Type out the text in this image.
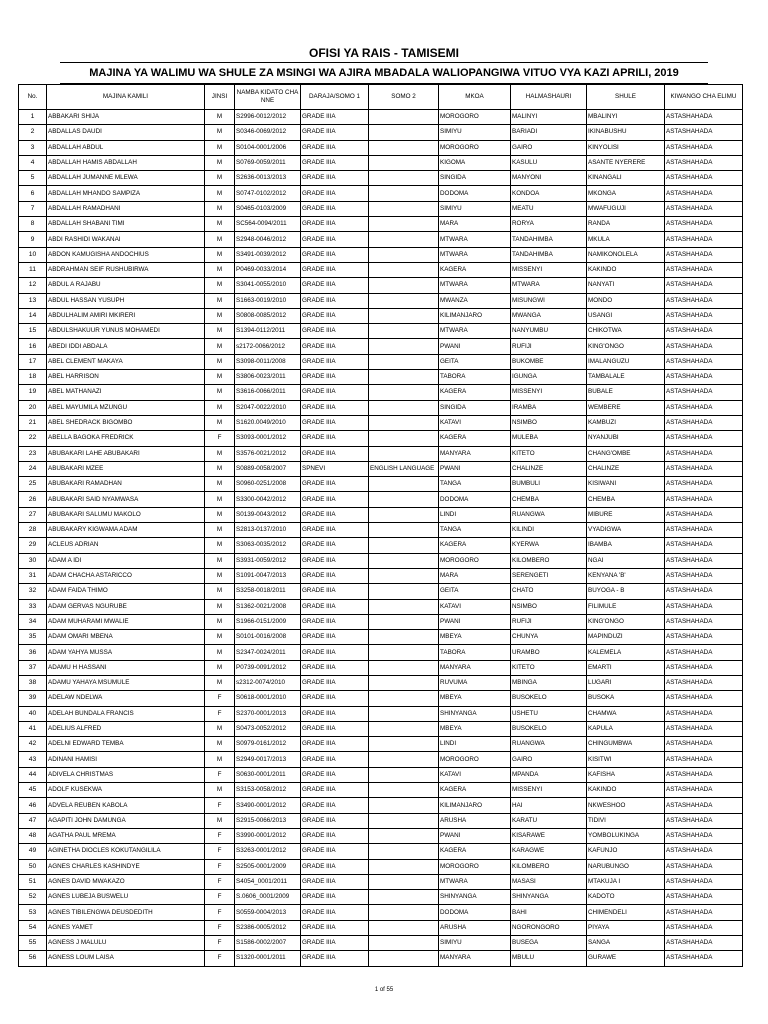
OFISI YA RAIS - TAMISEMI
MAJINA YA WALIMU WA SHULE ZA MSINGI WA AJIRA MBADALA WALIOPANGIWA VITUO VYA KAZI APRILI, 2019
No.	MAJINA KAMILI	JINSI	NAMBA KIDATO CHA NNE	DARAJA/SOMO 1	SOMO 2	MKOA	HALMASHAURI	SHULE	KIWANGO CHA ELIMU
1	ABBAKARI SHIJA	M	S2996-0012/2012	GRADE IIIA		MOROGORO	MALINYI	MBALINYI	ASTASHAHADA
2	ABDALLAS DAUDI	M	S0346-0069/2012	GRADE IIIA		SIMIYU	BARIADI	IKINABUSHU	ASTASHAHADA
3	ABDALLAH ABDUL	M	S0104-0001/2006	GRADE IIIA		MOROGORO	GAIRO	KINYOLISI	ASTASHAHADA
4	ABDALLAH HAMIS ABDALLAH	M	S0769-0059/2011	GRADE IIIA		KIGOMA	KASULU	ASANTE NYERERE	ASTASHAHADA
5	ABDALLAH JUMANNE MLEWA	M	S2636-0013/2013	GRADE IIIA		SINGIDA	MANYONI	KINANGALI	ASTASHAHADA
6	ABDALLAH MHANDO SAMPIZA	M	S0747-0102/2012	GRADE IIIA		DODOMA	KONDOA	MKONGA	ASTASHAHADA
7	ABDALLAH RAMADHANI	M	S0465-0103/2009	GRADE IIIA		SIMIYU	MEATU	MWAFUGUJI	ASTASHAHADA
8	ABDALLAH SHABANI TIMI	M	SC564-0094/2011	GRADE IIIA		MARA	RORYA	RANDA	ASTASHAHADA
9	ABDI RASHIDI WAKANAI	M	S2948-0046/2012	GRADE IIIA		MTWARA	TANDAHIMBA	MKULA	ASTASHAHADA
10	ABDON KAMUGISHA ANDOCHIUS	M	S3491-0039/2012	GRADE IIIA		MTWARA	TANDAHIMBA	NAMIKONOLELA	ASTASHAHADA
11	ABDRAHMAN SEIF RUSHUBIRWA	M	P0469-0033/2014	GRADE IIIA		KAGERA	MISSENYI	KAKINDO	ASTASHAHADA
12	ABDUL A RAJABU	M	S3041-0055/2010	GRADE IIIA		MTWARA	MTWARA	NANYATI	ASTASHAHADA
13	ABDUL HASSAN YUSUPH	M	S1663-0019/2010	GRADE IIIA		MWANZA	MISUNGWI	MONDO	ASTASHAHADA
14	ABDULHALIM AMIRI MKIRERI	M	S0808-0085/2012	GRADE IIIA		KILIMANJARO	MWANGA	USANGI	ASTASHAHADA
15	ABDULSHAKUUR YUNUS MOHAMEDI	M	S1394-0112/2011	GRADE IIIA		MTWARA	NANYUMBU	CHIKOTWA	ASTASHAHADA
16	ABEDI IDDI ABDALA	M	s2172-0066/2012	GRADE IIIA		PWANI	RUFIJI	KING'ONGO	ASTASHAHADA
17	ABEL CLEMENT MAKAYA	M	S3098-0011/2008	GRADE IIIA		GEITA	BUKOMBE	IMALANGUZU	ASTASHAHADA
18	ABEL HARRISON	M	S3806-0023/2011	GRADE IIIA		TABORA	IGUNGA	TAMBALALE	ASTASHAHADA
19	ABEL MATHANAZI	M	S3616-0066/2011	GRADE IIIA		KAGERA	MISSENYI	BUBALE	ASTASHAHADA
20	ABEL MAYUMILA MZUNGU	M	S2047-0022/2010	GRADE IIIA		SINGIDA	IRAMBA	WEMBERE	ASTASHAHADA
21	ABEL SHEDRACK BIGOMBO	M	S1620.0049/2010	GRADE IIIA		KATAVI	NSIMBO	KAMBUZI	ASTASHAHADA
22	ABELLA BAGOKA FREDRICK	F	S3093-0001/2012	GRADE IIIA		KAGERA	MULEBA	NYANJUBI	ASTASHAHADA
23	ABUBAKARI LAHE ABUBAKARI	M	S3576-0021/2012	GRADE IIIA		MANYARA	KITETO	CHANG'OMBE	ASTASHAHADA
24	ABUBAKARI MZEE	M	S0889-0058/2007	SPNEVI	ENGLISH LANGUAGE	PWANI	CHALINZE	CHALINZE	ASTASHAHADA
25	ABUBAKARI RAMADHAN	M	S0960-0251/2008	GRADE IIIA		TANGA	BUMBULI	KISIWANI	ASTASHAHADA
26	ABUBAKARI SAID NYAMWASA	M	S3300-0042/2012	GRADE IIIA		DODOMA	CHEMBA	CHEMBA	ASTASHAHADA
27	ABUBAKARI SALUMU MAKOLO	M	S0139-0043/2012	GRADE IIIA		LINDI	RUANGWA	MIBURE	ASTASHAHADA
28	ABUBAKARY KIGWAMA ADAM	M	S2813-0137/2010	GRADE IIIA		TANGA	KILINDI	VYADIGWA	ASTASHAHADA
29	ACLEUS ADRIAN	M	S3063-0035/2012	GRADE IIIA		KAGERA	KYERWA	IBAMBA	ASTASHAHADA
30	ADAM A IDI	M	S3931-0059/2012	GRADE IIIA		MOROGORO	KILOMBERO	NGAI	ASTASHAHADA
31	ADAM CHACHA ASTARICCO	M	S1091-0047/2013	GRADE IIIA		MARA	SERENGETI	KENYANA 'B'	ASTASHAHADA
32	ADAM FAIDA THIMO	M	S3258-0018/2011	GRADE IIIA		GEITA	CHATO	BUYOGA - B	ASTASHAHADA
33	ADAM GERVAS NGURUBE	M	S1362-0021/2008	GRADE IIIA		KATAVI	NSIMBO	FILIMULE	ASTASHAHADA
34	ADAM MUHARAMI MWALIE	M	S1966-0151/2009	GRADE IIIA		PWANI	RUFIJI	KING'ONGO	ASTASHAHADA
35	ADAM OMARI MBENA	M	S0101-0016/2008	GRADE IIIA		MBEYA	CHUNYA	MAPINDUZI	ASTASHAHADA
36	ADAM YAHYA MUSSA	M	S2347-0024/2011	GRADE IIIA		TABORA	URAMBO	KALEMELA	ASTASHAHADA
37	ADAMU H HASSANI	M	P0739-0091/2012	GRADE IIIA		MANYARA	KITETO	EMARTI	ASTASHAHADA
38	ADAMU YAHAYA MSUMULE	M	s2312-0074/2010	GRADE IIIA		RUVUMA	MBINGA	LUGARI	ASTASHAHADA
39	ADELAW NDELWA	F	S0618-0001/2010	GRADE IIIA		MBEYA	BUSOKELO	BUSOKA	ASTASHAHADA
40	ADELAH BUNDALA FRANCIS	F	S2370-0001/2013	GRADE IIIA		SHINYANGA	USHETU	CHAMWA	ASTASHAHADA
41	ADELIUS ALFRED	M	S0473-0052/2012	GRADE IIIA		MBEYA	BUSOKELO	KAPULA	ASTASHAHADA
42	ADELNI EDWARD TEMBA	M	S0979-0161/2012	GRADE IIIA		LINDI	RUANGWA	CHINGUMBWA	ASTASHAHADA
43	ADINANI HAMISI	M	S2949-0017/2013	GRADE IIIA		MOROGORO	GAIRO	KISITWI	ASTASHAHADA
44	ADIVELA CHRISTMAS	F	S0630-0001/2011	GRADE IIIA		KATAVI	MPANDA	KAFISHA	ASTASHAHADA
45	ADOLF KUSEKWA	M	S3153-0058/2012	GRADE IIIA		KAGERA	MISSENYI	KAKINDO	ASTASHAHADA
46	ADVELA REUBEN KABOLA	F	S3490-0001/2012	GRADE IIIA		KILIMANJARO	HAI	NKWESHOO	ASTASHAHADA
47	AGAPITI JOHN DAMUNGA	M	S2915-0066/2013	GRADE IIIA		ARUSHA	KARATU	TIDIVI	ASTASHAHADA
48	AGATHA PAUL MREMA	F	S3990-0001/2012	GRADE IIIA		PWANI	KISARAWE	YOMBOLUKINGA	ASTASHAHADA
49	AGINETHA DIOCLES KOKUTANGILILA	F	S3263-0001/2012	GRADE IIIA		KAGERA	KARAGWE	KAFUNJO	ASTASHAHADA
50	AGNES CHARLES KASHINDYE	F	S2505-0001/2009	GRADE IIIA		MOROGORO	KILOMBERO	NARUBUNGO	ASTASHAHADA
51	AGNES DAVID MWAKAZO	F	S4054_0001/2011	GRADE IIIA		MTWARA	MASASI	MTAKUJA I	ASTASHAHADA
52	AGNES LUBEJA BUSWELU	F	S.0606_0001/2009	GRADE IIIA		SHINYANGA	SHINYANGA	KADOTO	ASTASHAHADA
53	AGNES TIBILENGWA DEUSDEDITH	F	S0559-0004/2013	GRADE IIIA		DODOMA	BAHI	CHIMENDELI	ASTASHAHADA
54	AGNES YAMET	F	S2386-0005/2012	GRADE IIIA		ARUSHA	NGORONGORO	PIYAYA	ASTASHAHADA
55	AGNESS J MALULU	F	S1586-0002/2007	GRADE IIIA		SIMIYU	BUSEGA	SANGA	ASTASHAHADA
56	AGNESS LOUM LAISA	F	S1320-0001/2011	GRADE IIIA		MANYARA	MBULU	GURAWE	ASTASHAHADA
1 of 55
